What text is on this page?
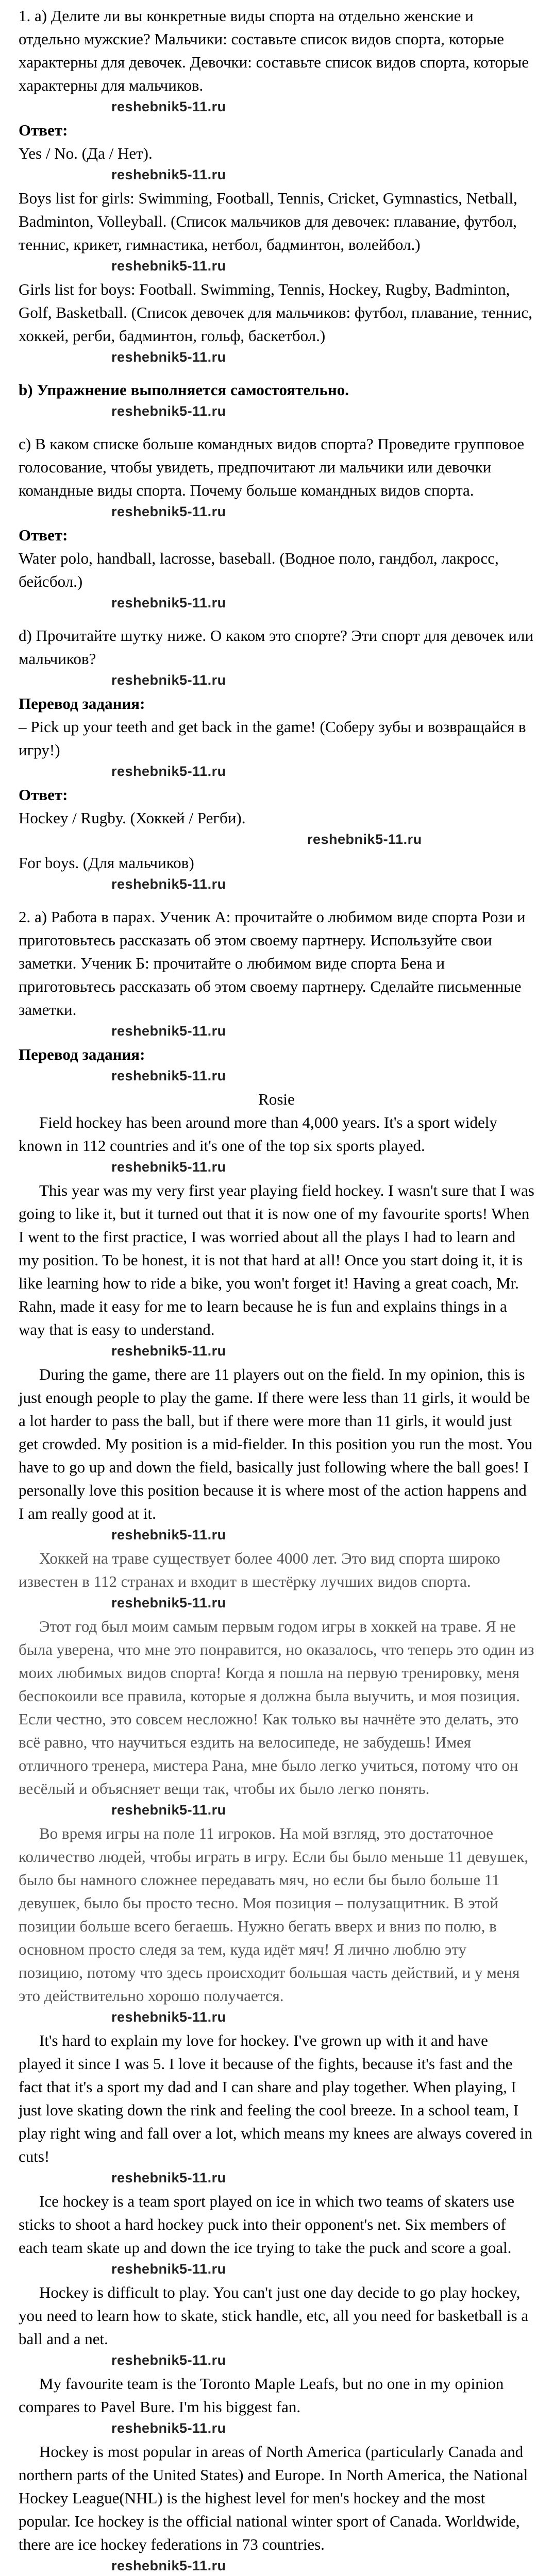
1. а) Делите ли вы конкретные виды спорта на отдельно женские и отдельно мужские? Мальчики: составьте список видов спорта, которые характерны для девочек. Девочки: составьте список видов спорта, которые характерны для мальчиков.

reshebnik5-11.ru

Ответ:

Yes / No. (Да / Нет).

reshebnik5-11.ru

Boys list for girls: Swimming, Football, Tennis, Cricket, Gymnastics, Netball, Badminton, Volleyball. (Список мальчиков для девочек: плавание, футбол, теннис, крикет, гимнастика, нетбол, бадминтон, волейбол.)

reshebnik5-11.ru

Girls list for boys: Football. Swimming, Tennis, Hockey, Rugby, Badminton, Golf, Basketball. (Список девочек для мальчиков: футбол, плавание, теннис, хоккей, регби, бадминтон, гольф, баскетбол.)

reshebnik5-11.ru

b) Упражнение выполняется самостоятельно.

reshebnik5-11.ru

c) В каком списке больше командных видов спорта? Проведите групповое голосование, чтобы увидеть, предпочитают ли мальчики или девочки командные виды спорта. Почему больше командных видов спорта.

reshebnik5-11.ru

Ответ:

Water polo, handball, lacrosse, baseball. (Водное поло, гандбол, лакросс, бейсбол.)

reshebnik5-11.ru

d) Прочитайте шутку ниже. О каком это спорте? Эти спорт для девочек или мальчиков?

reshebnik5-11.ru

Перевод задания:

– Pick up your teeth and get back in the game! (Соберу зубы и возвращайся в игру!)

reshebnik5-11.ru

Ответ:

Hockey / Rugby. (Хоккей / Регби).

reshebnik5-11.ru

For boys. (Для мальчиков)

reshebnik5-11.ru

2. а) Работа в парах. Ученик А: прочитайте о любимом виде спорта Рози и приготовьтесь рассказать об этом своему партнеру. Используйте свои заметки. Ученик Б: прочитайте о любимом виде спорта Бена и приготовьтесь рассказать об этом своему партнеру. Сделайте письменные заметки.

reshebnik5-11.ru

Перевод задания:

reshebnik5-11.ru

Rosie

Field hockey has been around more than 4,000 years. It's a sport widely known in 112 countries and it's one of the top six sports played.

reshebnik5-11.ru

This year was my very first year playing field hockey. I wasn't sure that I was going to like it, but it turned out that it is now one of my favourite sports! When I went to the first practice, I was worried about all the plays I had to learn and my position. To be honest, it is not that hard at all! Once you start doing it, it is like learning how to ride a bike, you won't forget it! Having a great coach, Mr. Rahn, made it easy for me to learn because he is fun and explains things in a way that is easy to understand.

reshebnik5-11.ru

During the game, there are 11 players out on the field. In my opinion, this is just enough people to play the game. If there were less than 11 girls, it would be a lot harder to pass the ball, but if there were more than 11 girls, it would just get crowded. My position is a mid-fielder. In this position you run the most. You have to go up and down the field, basically just following where the ball goes! I personally love this position because it is where most of the action happens and I am really good at it.

reshebnik5-11.ru

Хоккей на траве существует более 4000 лет. Это вид спорта широко известен в 112 странах и входит в шестёрку лучших видов спорта.

reshebnik5-11.ru

Этот год был моим самым первым годом игры в хоккей на траве. Я не была уверена, что мне это понравится, но оказалось, что теперь это один из моих любимых видов спорта! Когда я пошла на первую тренировку, меня беспокоили все правила, которые я должна была выучить, и моя позиция. Если честно, это совсем несложно! Как только вы начнёте это делать, это всё равно, что научиться ездить на велосипеде, не забудешь! Имея отличного тренера, мистера Рана, мне было легко учиться, потому что он весёлый и объясняет вещи так, чтобы их было легко понять.

reshebnik5-11.ru

Во время игры на поле 11 игроков. На мой взгляд, это достаточное количество людей, чтобы играть в игру. Если бы было меньше 11 девушек, было бы намного сложнее передавать мяч, но если бы было больше 11 девушек, было бы просто тесно. Моя позиция – полузащитник. В этой позиции больше всего бегаешь. Нужно бегать вверх и вниз по полю, в основном просто следя за тем, куда идёт мяч! Я лично люблю эту позицию, потому что здесь происходит большая часть действий, и у меня это действительно хорошо получается.

reshebnik5-11.ru

It's hard to explain my love for hockey. I've grown up with it and have played it since I was 5. I love it because of the fights, because it's fast and the fact that it's a sport my dad and I can share and play together. When playing, I just love skating down the rink and feeling the cool breeze. In a school team, I play right wing and fall over a lot, which means my knees are always covered in cuts!

reshebnik5-11.ru

Ice hockey is a team sport played on ice in which two teams of skaters use sticks to shoot a hard hockey puck into their opponent's net. Six members of each team skate up and down the ice trying to take the puck and score a goal.

reshebnik5-11.ru

Hockey is difficult to play. You can't just one day decide to go play hockey, you need to learn how to skate, stick handle, etc, all you need for basketball is a ball and a net.

reshebnik5-11.ru

My favourite team is the Toronto Maple Leafs, but no one in my opinion compares to Pavel Bure. I'm his biggest fan.

reshebnik5-11.ru

Hockey is most popular in areas of North America (particularly Canada and northern parts of the United States) and Europe. In North America, the National Hockey League(NHL) is the highest level for men's hockey and the most popular. Ice hockey is the official national winter sport of Canada. Worldwide, there are ice hockey federations in 73 countries.

reshebnik5-11.ru
